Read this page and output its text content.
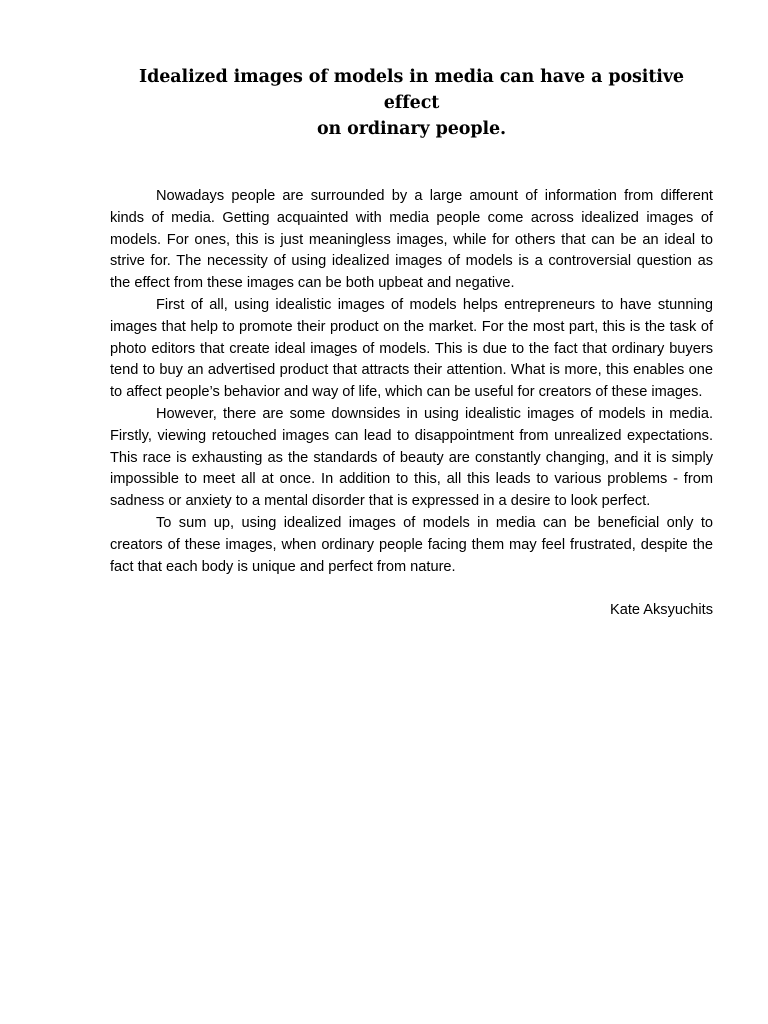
Idealized images of models in media can have a positive effect
on ordinary people.

Nowadays people are surrounded by a large amount of information from different kinds of media. Getting acquainted with media people come across idealized images of models. For ones, this is just meaningless images, while for others that can be an ideal to strive for. The necessity of using idealized images of models is a controversial question as the effect from these images can be both upbeat and negative.

First of all, using idealistic images of models helps entrepreneurs to have stunning images that help to promote their product on the market. For the most part, this is the task of photo editors that create ideal images of models. This is due to the fact that ordinary buyers tend to buy an advertised product that attracts their attention. What is more, this enables one to affect people’s behavior and way of life, which can be useful for creators of these images.

However, there are some downsides in using idealistic images of models in media. Firstly, viewing retouched images can lead to disappointment from unrealized expectations. This race is exhausting as the standards of beauty are constantly changing, and it is simply impossible to meet all at once. In addition to this, all this leads to various problems - from sadness or anxiety to a mental disorder that is expressed in a desire to look perfect.

To sum up, using idealized images of models in media can be beneficial only to creators of these images, when ordinary people facing them may feel frustrated, despite the fact that each body is unique and perfect from nature.

Kate Aksyuchits
